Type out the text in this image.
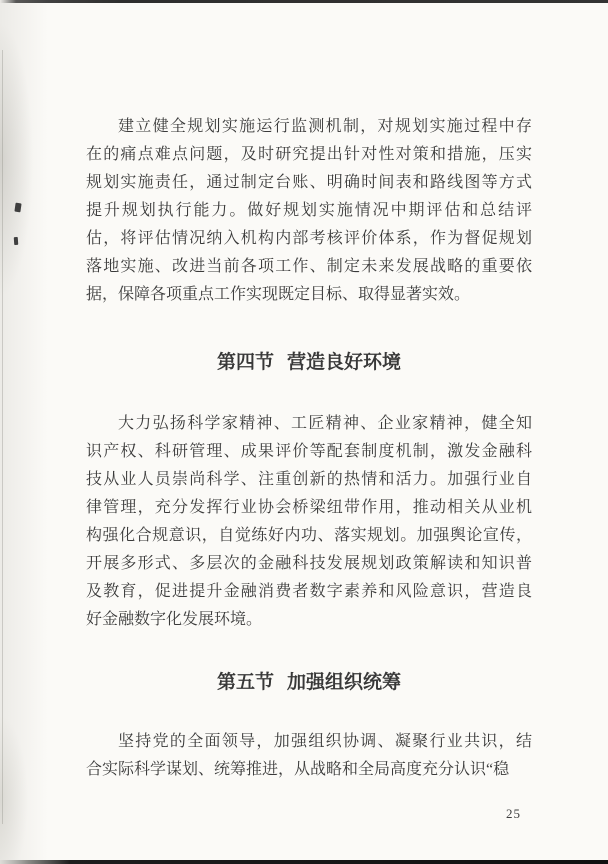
建立健全规划实施运行监测机制，对规划实施过程中存
在的痛点难点问题，及时研究提出针对性对策和措施，压实
规划实施责任，通过制定台账、明确时间表和路线图等方式
提升规划执行能力。做好规划实施情况中期评估和总结评
估，将评估情况纳入机构内部考核评价体系，作为督促规划
落地实施、改进当前各项工作、制定未来发展战略的重要依
据，保障各项重点工作实现既定目标、取得显著实效。
第四节 营造良好环境
大力弘扬科学家精神、工匠精神、企业家精神，健全知
识产权、科研管理、成果评价等配套制度机制，激发金融科
技从业人员崇尚科学、注重创新的热情和活力。加强行业自
律管理，充分发挥行业协会桥梁纽带作用，推动相关从业机
构强化合规意识，自觉练好内功、落实规划。加强舆论宣传，
开展多形式、多层次的金融科技发展规划政策解读和知识普
及教育，促进提升金融消费者数字素养和风险意识，营造良
好金融数字化发展环境。
第五节 加强组织统筹
坚持党的全面领导，加强组织协调、凝聚行业共识，结
合实际科学谋划、统筹推进，从战略和全局高度充分认识“稳
25
